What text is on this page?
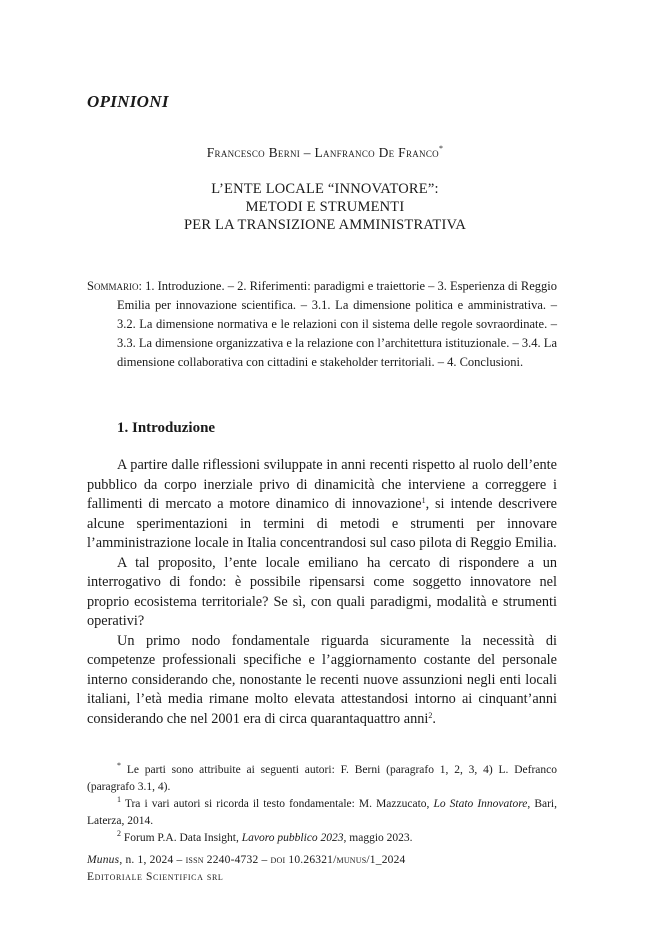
OPINIONI
Francesco Berni – Lanfranco De Franco*
L’ENTE LOCALE “INNOVATORE”:
METODI E STRUMENTI
PER LA TRANSIZIONE AMMINISTRATIVA
Sommario: 1. Introduzione. – 2. Riferimenti: paradigmi e traiettorie – 3. Esperienza di Reggio Emilia per innovazione scientifica. – 3.1. La dimensione politica e amministrativa. – 3.2. La dimensione normativa e le relazioni con il sistema delle regole sovraordinate. – 3.3. La dimensione organizzativa e la relazione con l’architettura istituzionale. – 3.4. La dimensione collaborativa con cittadini e stakeholder territoriali. – 4. Conclusioni.
1. Introduzione

A partire dalle riflessioni sviluppate in anni recenti rispetto al ruolo dell’ente pubblico da corpo inerziale privo di dinamicità che interviene a correggere i fallimenti di mercato a motore dinamico di innovazione$^1$, si intende descrivere alcune sperimentazioni in termini di metodi e strumenti per innovare l’amministrazione locale in Italia concentrandosi sul caso pilota di Reggio Emilia.

A tal proposito, l’ente locale emiliano ha cercato di rispondere a un interrogativo di fondo: è possibile ripensarsi come soggetto innovatore nel proprio ecosistema territoriale? Se sì, con quali paradigmi, modalità e strumenti operativi?

Un primo nodo fondamentale riguarda sicuramente la necessità di competenze professionali specifiche e l’aggiornamento costante del personale interno considerando che, nonostante le recenti nuove assunzioni negli enti locali italiani, l’età media rimane molto elevata attestandosi intorno ai cinquant’anni considerando che nel 2001 era di circa quarantaquattro anni$^2$.

* Le parti sono attribuite ai seguenti autori: F. Berni (paragrafo 1, 2, 3, 4) L. Defranco (paragrafo 3.1, 4).

$^1$ Tra i vari autori si ricorda il testo fondamentale: M. Mazzucato, Lo Stato Innovatore, Bari, Laterza, 2014.

$^2$ Forum P.A. Data Insight, Lavoro pubblico 2023, maggio 2023.

Munus, n. 1, 2024 – issn 2240-4732 – doi 10.26321/munus/1_2024
Editoriale Scientifica srl
